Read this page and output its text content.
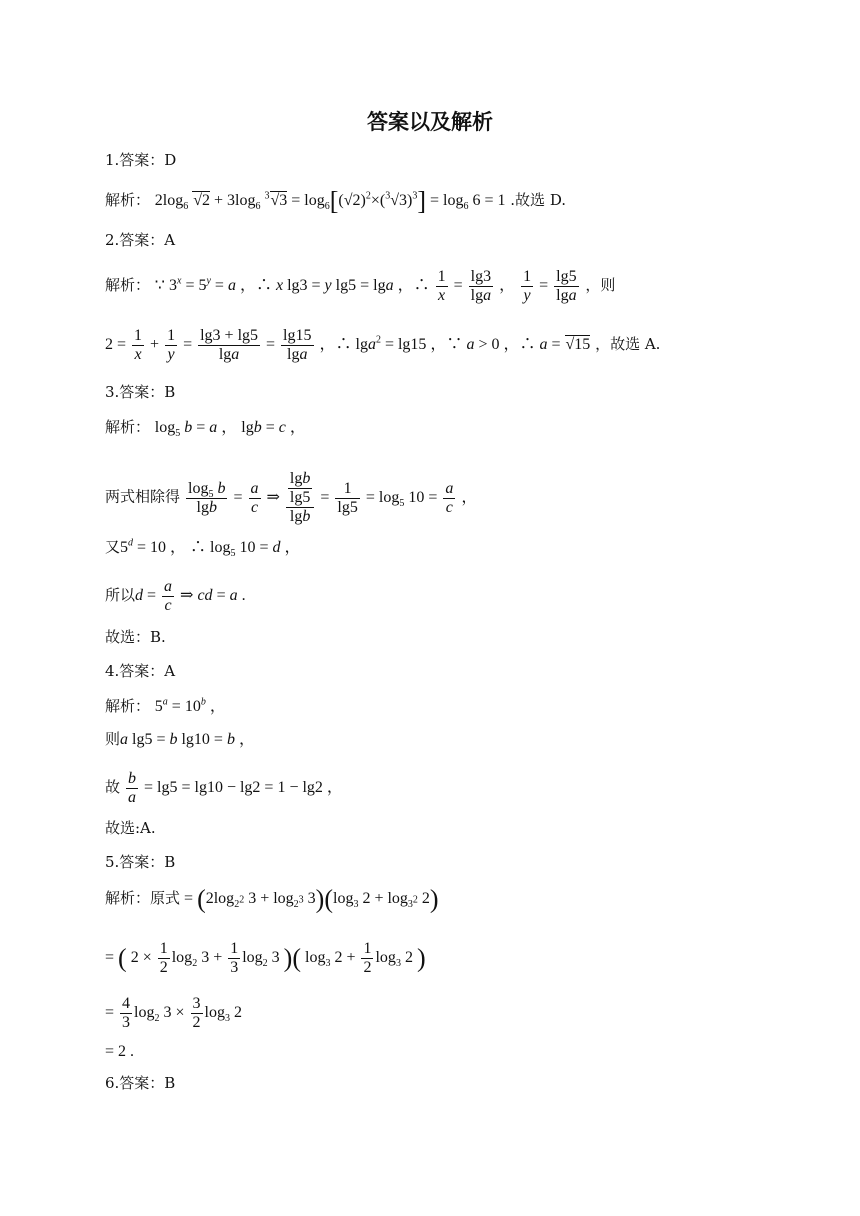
答案以及解析
1.答案：D
解析： $2\log_6$ $√2 + 3\log_6$ $^3√3 = \log_6[(√2)^2\times(^3√3)^3] = \log_6 6 = 1$ .故选 D.
2.答案：A
解析： ∵ $3^x = 5^y = a$ ，∴ x lg3 = y lg5 = lga ，∴ $\frac{1}{x} = \frac{\lg 3}{\lg a}$ ， $\frac{1}{y} = \frac{\lg 5}{\lg a}$ ，则
$2 = \frac{1}{x} + \frac{1}{y} = \frac{\lg 3 + \lg 5}{\lg a} = \frac{\lg 15}{\lg a}$ ，∴ lga$^2$ = lg15 ，∵ a > 0 ，∴ a = √15 ，故选 A.
3.答案：B
解析： $\log_5 b = a$ ， lgb = c ，
两式相除得 $\frac{\log_5 b}{\lg b} = \frac{a}{c}$ ⇒ $\frac{\frac{\lg b}{\lg 5}}{\lg b} = \frac{1}{\lg 5} = \log_5 10 = \frac{a}{c}$ ，
又$5^d = 10$ ， ∴ $\log_5 10 = d$ ，
所以$d = \frac{a}{c}$ ⇒ cd = a .
故选：B.
4.答案：A
解析： $5^a = 10^b$ ，
则a lg5 = b lg10 = b ，
故 $\frac{b}{a} = \lg 5 = \lg 10 - \lg 2 = 1 - \lg 2$ ，
故选:A.
5.答案：B
解析：原式 = ($2\log_{2^2}$ $3 + \log_{2^3} 3)(\log_3$ $2 + \log_{3^2} 2$)
= ( $2 \times \frac{1}{2} \log_2 3 + \frac{1}{3} \log_2 3$ )( $\log_3 2 + \frac{1}{2} \log_3 2$ )
= $\frac{4}{3} \log_2 3 \times \frac{3}{2} \log_3 2$
= 2 .
6.答案：B
